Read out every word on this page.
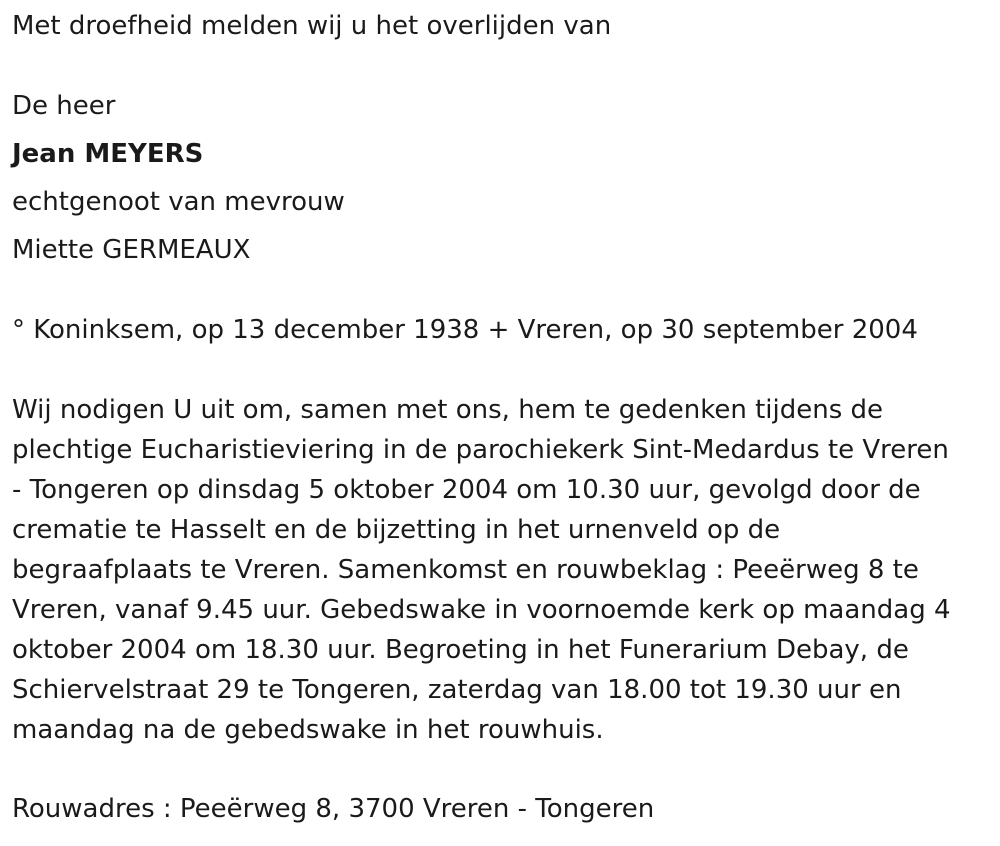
Met droefheid melden wij u het overlijden van

De heer

Jean MEYERS

echtgenoot van mevrouw

Miette GERMEAUX

° Koninksem, op 13 december 1938 + Vreren, op 30 september 2004

Wij nodigen U uit om, samen met ons, hem te gedenken tijdens de

plechtige Eucharistieviering in de parochiekerk Sint-Medardus te Vreren

- Tongeren op dinsdag 5 oktober 2004 om 10.30 uur, gevolgd door de

crematie te Hasselt en de bijzetting in het urnenveld op de

begraafplaats te Vreren. Samenkomst en rouwbeklag : Peeërweg 8 te

Vreren, vanaf 9.45 uur. Gebedswake in voornoemde kerk op maandag 4

oktober 2004 om 18.30 uur. Begroeting in het Funerarium Debay, de

Schiervelstraat 29 te Tongeren, zaterdag van 18.00 tot 19.30 uur en

maandag na de gebedswake in het rouwhuis.

Rouwadres : Peeërweg 8, 3700 Vreren - Tongeren
